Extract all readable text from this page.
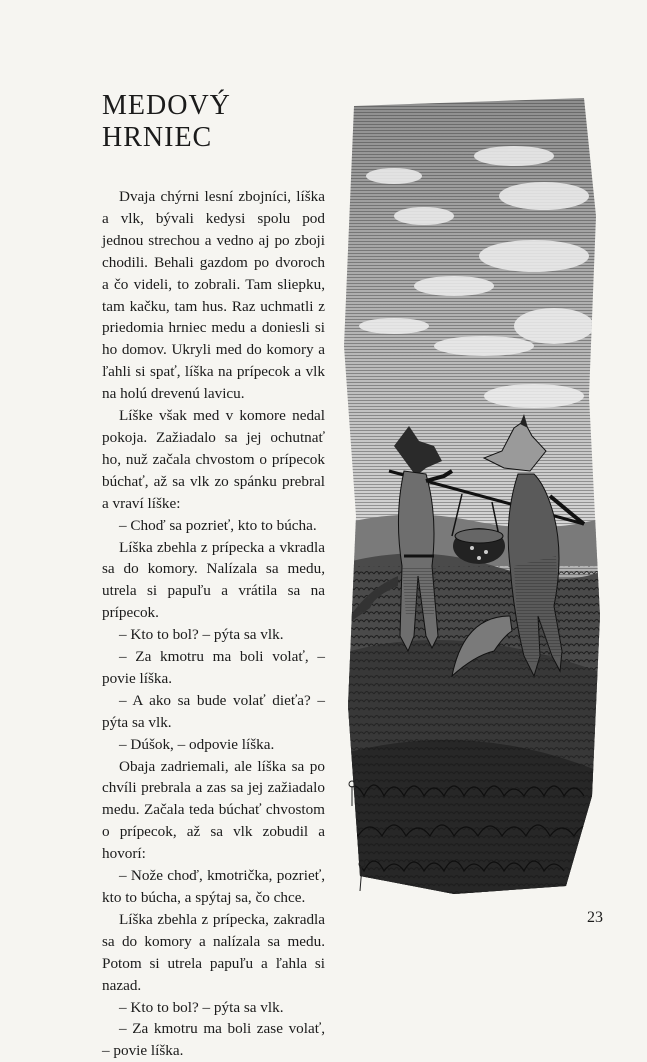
MEDOVÝ
HRNIEC

Dvaja chýrni lesní zbojníci, líška a vlk, bývali kedysi spolu pod jednou strechou a vedno aj po zboji chodili. Behali gazdom po dvoroch a čo videli, to zobrali. Tam sliepku, tam kačku, tam hus. Raz uchmatli z priedomia hrniec medu a doniesli si ho domov. Ukryli med do komory a ľahli si spať, líška na prípecok a vlk na holú drevenú lavicu.

Líške však med v komore nedal pokoja. Zažiadalo sa jej ochutnať ho, nuž začala chvostom o prípecok búchať, až sa vlk zo spánku prebral a vraví líške:

– Choď sa pozrieť, kto to búcha.

Líška zbehla z prípecka a vkradla sa do komory. Nalízala sa medu, utrela si papuľu a vrátila sa na prípecok.

– Kto to bol? – pýta sa vlk.

– Za kmotru ma boli volať, – povie líška.

– A ako sa bude volať dieťa? – pýta sa vlk.

– Dúšok, – odpovie líška.

Obaja zadriemali, ale líška sa po chvíli prebrala a zas sa jej zažiadalo medu. Začala teda búchať chvostom o prípecok, až sa vlk zobudil a hovorí:

– Nože choď, kmotrička, pozrieť, kto to búcha, a spýtaj sa, čo chce.

Líška zbehla z prípecka, zakradla sa do komory a nalízala sa medu. Potom si utrela papuľu a ľahla si nazad.

– Kto to bol? – pýta sa vlk.

– Za kmotru ma boli zase volať, – povie líška.

23
